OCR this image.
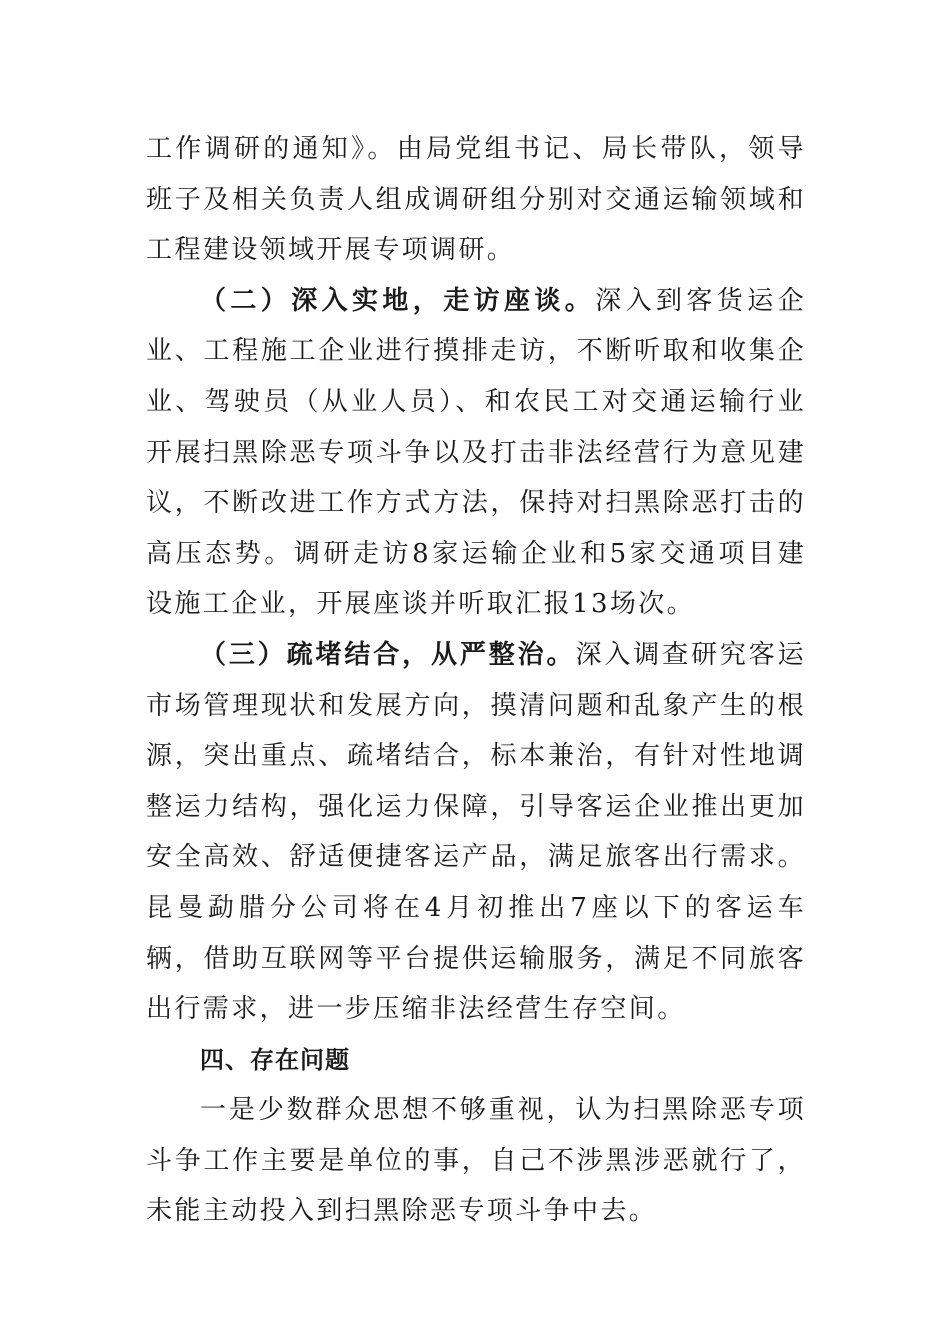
工作调研的通知》。由局党组书记、局长带队，领导班子及相关负责人组成调研组分别对交通运输领域和工程建设领域开展专项调研。

（二）深入实地，走访座谈。深入到客货运企业、工程施工企业进行摸排走访，不断听取和收集企业、驾驶员（从业人员）、和农民工对交通运输行业开展扫黑除恶专项斗争以及打击非法经营行为意见建议，不断改进工作方式方法，保持对扫黑除恶打击的高压态势。调研走访8家运输企业和5家交通项目建设施工企业，开展座谈并听取汇报13场次。

（三）疏堵结合，从严整治。深入调查研究客运市场管理现状和发展方向，摸清问题和乱象产生的根源，突出重点、疏堵结合，标本兼治，有针对性地调整运力结构，强化运力保障，引导客运企业推出更加安全高效、舒适便捷客运产品，满足旅客出行需求。昆曼勐腊分公司将在4月初推出7座以下的客运车辆，借助互联网等平台提供运输服务，满足不同旅客出行需求，进一步压缩非法经营生存空间。

四、存在问题

一是少数群众思想不够重视，认为扫黑除恶专项斗争工作主要是单位的事，自己不涉黑涉恶就行了，未能主动投入到扫黑除恶专项斗争中去。
